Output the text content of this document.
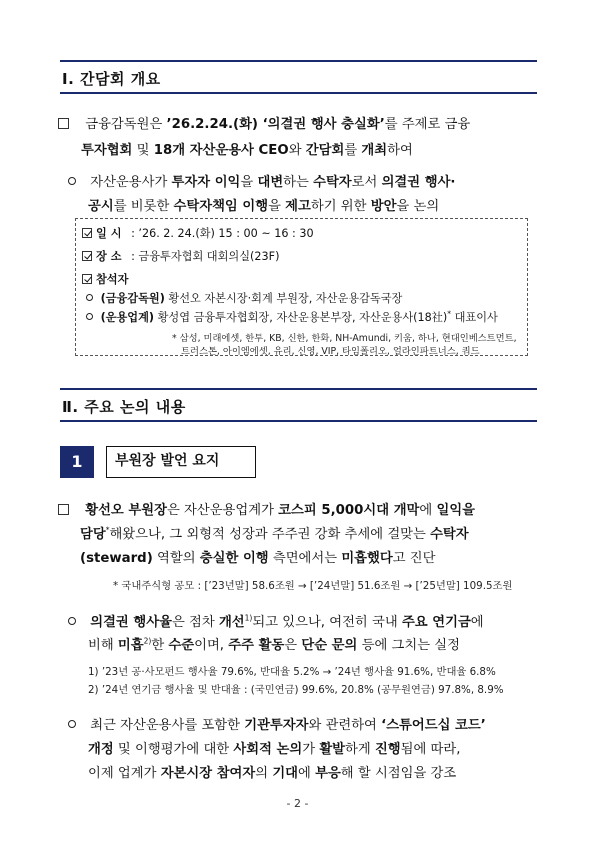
Ⅰ. 간담회 개요
금융감독원은 ’26.2.24.(화) ‘의결권 행사 충실화’를 주제로 금융
투자협회 및 18개 자산운용사 CEO와 간담회를 개최하여
자산운용사가 투자자 이익을 대변하는 수탁자로서 의결권 행사·
공시를 비롯한 수탁자책임 이행을 제고하기 위한 방안을 논의
일 시 : ’26. 2. 24.(화) 15 : 00 ~ 16 : 30
장 소 : 금융투자협회 대회의실(23F)
참석자
(금융감독원) 황선오 자본시장·회계 부원장, 자산운용감독국장
(운용업계) 황성엽 금융투자협회장, 자산운용본부장, 자산운용사(18社)* 대표이사
* 삼성, 미래에셋, 한투, KB, 신한, 한화, NH-Amundi, 키움, 하나, 현대인베스트먼트,
트러스톤, 아이엠에셋, 유리, 신영, VIP, 타임폴리오, 얼라인파트너스, 쿼드
Ⅱ. 주요 논의 내용
1	부원장 발언 요지
황선오 부원장은 자산운용업계가 코스피 5,000시대 개막에 일익을
담당*해왔으나, 그 외형적 성장과 주주권 강화 추세에 걸맞는 수탁자
(steward) 역할의 충실한 이행 측면에서는 미흡했다고 진단
* 국내주식형 공모 : [’23년말] 58.6조원 → [’24년말] 51.6조원 → [’25년말] 109.5조원
의결권 행사율은 점차 개선$^{1)}$되고 있으나, 여전히 국내 주요 연기금에
비해 미흡$^{2)}$한 수준이며, 주주 활동은 단순 문의 등에 그치는 실정
1) ’23년 공·사모펀드 행사율 79.6%, 반대율 5.2% → ’24년 행사율 91.6%, 반대율 6.8%
2) ’24년 연기금 행사율 및 반대율 : (국민연금) 99.6%, 20.8% (공무원연금) 97.8%, 8.9%
최근 자산운용사를 포함한 기관투자자와 관련하여 ‘스튜어드십 코드’
개정 및 이행평가에 대한 사회적 논의가 활발하게 진행됨에 따라,
이제 업계가 자본시장 참여자의 기대에 부응해 할 시점임을 강조
- 2 -
